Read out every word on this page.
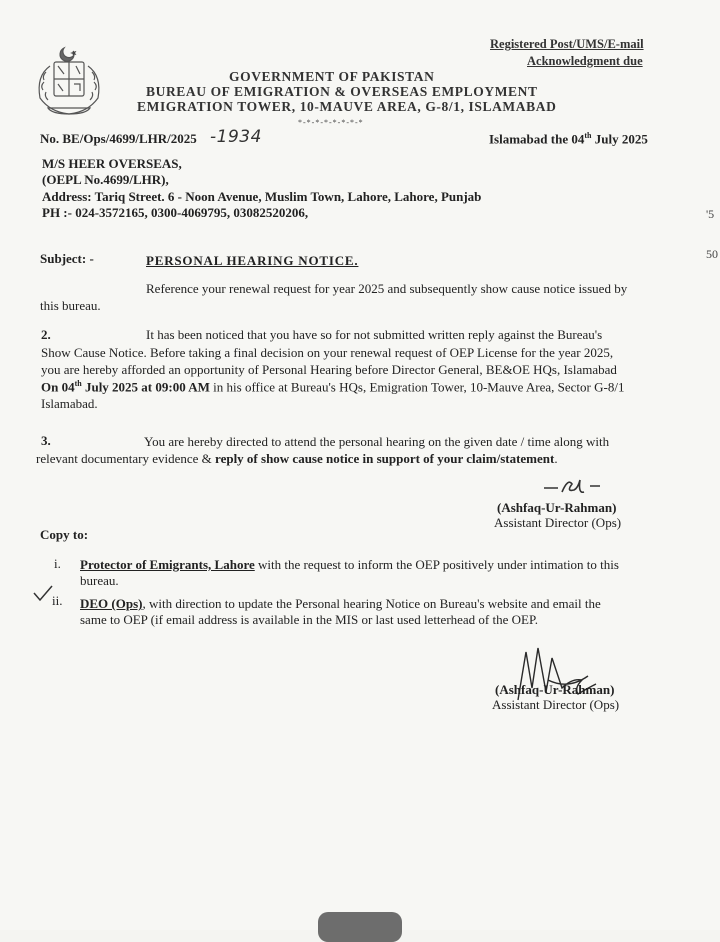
Registered Post/UMS/E-mail
Acknowledgment due
GOVERNMENT OF PAKISTAN
BUREAU OF EMIGRATION & OVERSEAS EMPLOYMENT
EMIGRATION TOWER, 10-MAUVE AREA, G-8/1, ISLAMABAD
*-*-*-*-*-*-*-*
No. BE/Ops/4699/LHR/2025 -1934	Islamabad the 04th July 2025
M/S HEER OVERSEAS,
(OEPL No.4699/LHR),
Address: Tariq Street. 6 - Noon Avenue, Muslim Town, Lahore, Lahore, Punjab
PH :- 024-3572165, 0300-4069795, 03082520206,
Subject: -	PERSONAL HEARING NOTICE.
Reference your renewal request for year 2025 and subsequently show cause notice issued by
this bureau.
2.	It has been noticed that you have so for not submitted written reply against the Bureau's
Show Cause Notice. Before taking a final decision on your renewal request of OEP License for the year 2025,
you are hereby afforded an opportunity of Personal Hearing before Director General, BE&OE HQs, Islamabad
On 04th July 2025 at 09:00 AM in his office at Bureau's HQs, Emigration Tower, 10-Mauve Area, Sector G-8/1
Islamabad.
3.	You are hereby directed to attend the personal hearing on the given date / time along with
relevant documentary evidence & reply of show cause notice in support of your claim/statement.
(Ashfaq-Ur-Rahman)
Assistant Director (Ops)
Copy to:
i. Protector of Emigrants, Lahore with the request to inform the OEP positively under intimation to this
bureau.
ii. DEO (Ops), with direction to update the Personal hearing Notice on Bureau's website and email the
same to OEP (if email address is available in the MIS or last used letterhead of the OEP.
(Ashfaq-Ur-Rahman)
Assistant Director (Ops)
'5
50
